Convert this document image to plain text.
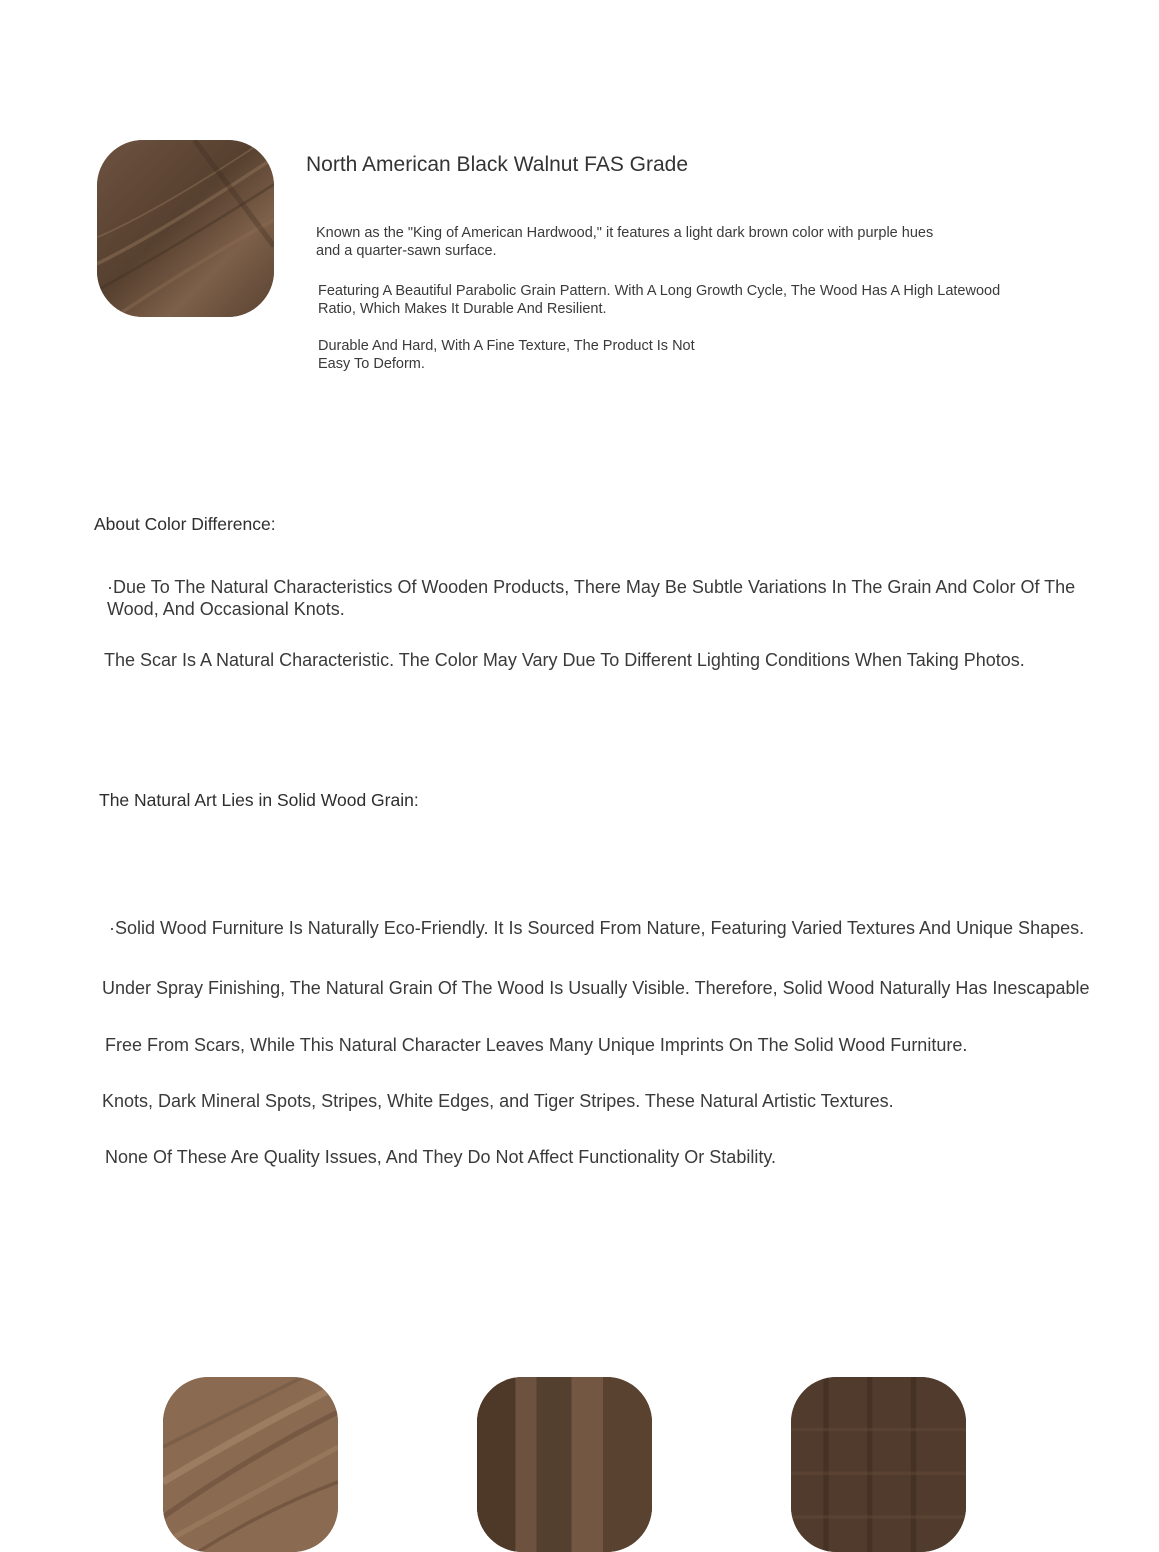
North American Black Walnut FAS Grade
Known as the "King of American Hardwood," it features a light dark brown color with purple hues
and a quarter-sawn surface.
Featuring A Beautiful Parabolic Grain Pattern. With A Long Growth Cycle, The Wood Has A High Latewood
Ratio, Which Makes It Durable And Resilient.
Durable And Hard, With A Fine Texture, The Product Is Not
Easy To Deform.
About Color Difference:
·Due To The Natural Characteristics Of Wooden Products, There May Be Subtle Variations In The Grain And Color Of The
Wood, And Occasional Knots.
The Scar Is A Natural Characteristic. The Color May Vary Due To Different Lighting Conditions When Taking Photos.
The Natural Art Lies in Solid Wood Grain:
·Solid Wood Furniture Is Naturally Eco-Friendly. It Is Sourced From Nature, Featuring Varied Textures And Unique Shapes.
Under Spray Finishing, The Natural Grain Of The Wood Is Usually Visible. Therefore, Solid Wood Naturally Has Inescapable
Free From Scars, While This Natural Character Leaves Many Unique Imprints On The Solid Wood Furniture.
Knots, Dark Mineral Spots, Stripes, White Edges, and Tiger Stripes. These Natural Artistic Textures.
None Of These Are Quality Issues, And They Do Not Affect Functionality Or Stability.
